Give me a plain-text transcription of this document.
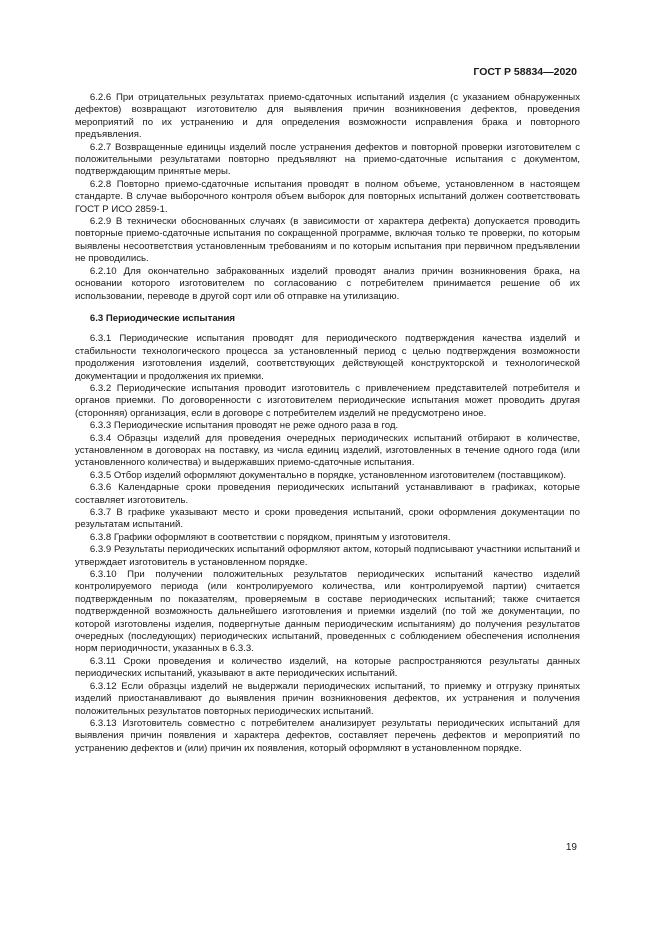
ГОСТ Р 58834—2020

6.2.6 При отрицательных результатах приемо-сдаточных испытаний изделия (с указанием обнаруженных дефектов) возвращают изготовителю для выявления причин возникновения дефектов, проведения мероприятий по их устранению и для определения возможности исправления брака и повторного предъявления.

6.2.7 Возвращенные единицы изделий после устранения дефектов и повторной проверки изготовителем с положительными результатами повторно предъявляют на приемо-сдаточные испытания с документом, подтверждающим принятые меры.

6.2.8 Повторно приемо-сдаточные испытания проводят в полном объеме, установленном в настоящем стандарте. В случае выборочного контроля объем выборок для повторных испытаний должен соответствовать ГОСТ Р ИСО 2859-1.

6.2.9 В технически обоснованных случаях (в зависимости от характера дефекта) допускается проводить повторные приемо-сдаточные испытания по сокращенной программе, включая только те проверки, по которым выявлены несоответствия установленным требованиям и по которым испытания при первичном предъявлении не проводились.

6.2.10 Для окончательно забракованных изделий проводят анализ причин возникновения брака, на основании которого изготовителем по согласованию с потребителем принимается решение об их использовании, переводе в другой сорт или об отправке на утилизацию.

6.3 Периодические испытания

6.3.1 Периодические испытания проводят для периодического подтверждения качества изделий и стабильности технологического процесса за установленный период с целью подтверждения возможности продолжения изготовления изделий, соответствующих действующей конструкторской и технологической документации и продолжения их приемки.

6.3.2 Периодические испытания проводит изготовитель с привлечением представителей потребителя и органов приемки. По договоренности с изготовителем периодические испытания может проводить другая (сторонняя) организация, если в договоре с потребителем изделий не предусмотрено иное.

6.3.3 Периодические испытания проводят не реже одного раза в год.

6.3.4 Образцы изделий для проведения очередных периодических испытаний отбирают в количестве, установленном в договорах на поставку, из числа единиц изделий, изготовленных в течение одного года (или установленного количества) и выдержавших приемо-сдаточные испытания.

6.3.5 Отбор изделий оформляют документально в порядке, установленном изготовителем (поставщиком).

6.3.6 Календарные сроки проведения периодических испытаний устанавливают в графиках, которые составляет изготовитель.

6.3.7 В графике указывают место и сроки проведения испытаний, сроки оформления документации по результатам испытаний.

6.3.8 Графики оформляют в соответствии с порядком, принятым у изготовителя.

6.3.9 Результаты периодических испытаний оформляют актом, который подписывают участники испытаний и утверждает изготовитель в установленном порядке.

6.3.10 При получении положительных результатов периодических испытаний качество изделий контролируемого периода (или контролируемого количества, или контролируемой партии) считается подтвержденным по показателям, проверяемым в составе периодических испытаний; также считается подтвержденной возможность дальнейшего изготовления и приемки изделий (по той же документации, по которой изготовлены изделия, подвергнутые данным периодическим испытаниям) до получения результатов очередных (последующих) периодических испытаний, проведенных с соблюдением обеспечения исполнения норм периодичности, указанных в 6.3.3.

6.3.11 Сроки проведения и количество изделий, на которые распространяются результаты данных периодических испытаний, указывают в акте периодических испытаний.

6.3.12 Если образцы изделий не выдержали периодических испытаний, то приемку и отгрузку принятых изделий приостанавливают до выявления причин возникновения дефектов, их устранения и получения положительных результатов повторных периодических испытаний.

6.3.13 Изготовитель совместно с потребителем анализирует результаты периодических испытаний для выявления причин появления и характера дефектов, составляет перечень дефектов и мероприятий по устранению дефектов и (или) причин их появления, который оформляют в установленном порядке.

19
